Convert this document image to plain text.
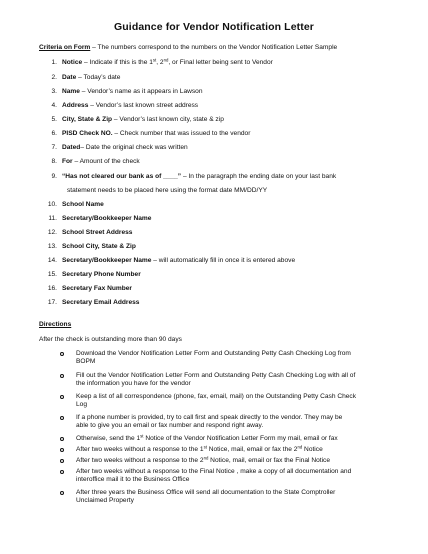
Guidance for Vendor Notification Letter
Criteria on Form – The numbers correspond to the numbers on the Vendor Notification Letter Sample
1. Notice – Indicate if this is the 1st, 2nd, or Final letter being sent to Vendor
2. Date – Today’s date
3. Name – Vendor’s name as it appears in Lawson
4. Address – Vendor’s last known street address
5. City, State & Zip – Vendor’s last known city, state & zip
6. PISD Check NO. – Check number that was issued to the vendor
7. Dated– Date the original check was written
8. For – Amount of the check
9. “Has not cleared our bank as of ____” – In the paragraph the ending date on your last bank
statement needs to be placed here using the format date MM/DD/YY
10. School Name
11. Secretary/Bookkeeper Name
12. School Street Address
13. School City, State & Zip
14. Secretary/Bookkeeper Name – will automatically fill in once it is entered above
15. Secretary Phone Number
16. Secretary Fax Number
17. Secretary Email Address
Directions
After the check is outstanding more than 90 days
Download the Vendor Notification Letter Form and Outstanding Petty Cash Checking Log from
BOPM
Fill out the Vendor Notification Letter Form and Outstanding Petty Cash Checking Log with all of
the information you have for the vendor
Keep a list of all correspondence (phone, fax, email, mail) on the Outstanding Petty Cash Check
Log
If a phone number is provided, try to call first and speak directly to the vendor. They may be
able to give you an email or fax number and respond right away.
Otherwise, send the 1st Notice of the Vendor Notification Letter Form my mail, email or fax
After two weeks without a response to the 1st Notice, mail, email or fax the 2nd Notice
After two weeks without a response to the 2nd Notice, mail, email or fax the Final Notice
After two weeks without a response to the Final Notice , make a copy of all documentation and
interoffice mail it to the Business Office
After three years the Business Office will send all documentation to the State Comptroller
Unclaimed Property
